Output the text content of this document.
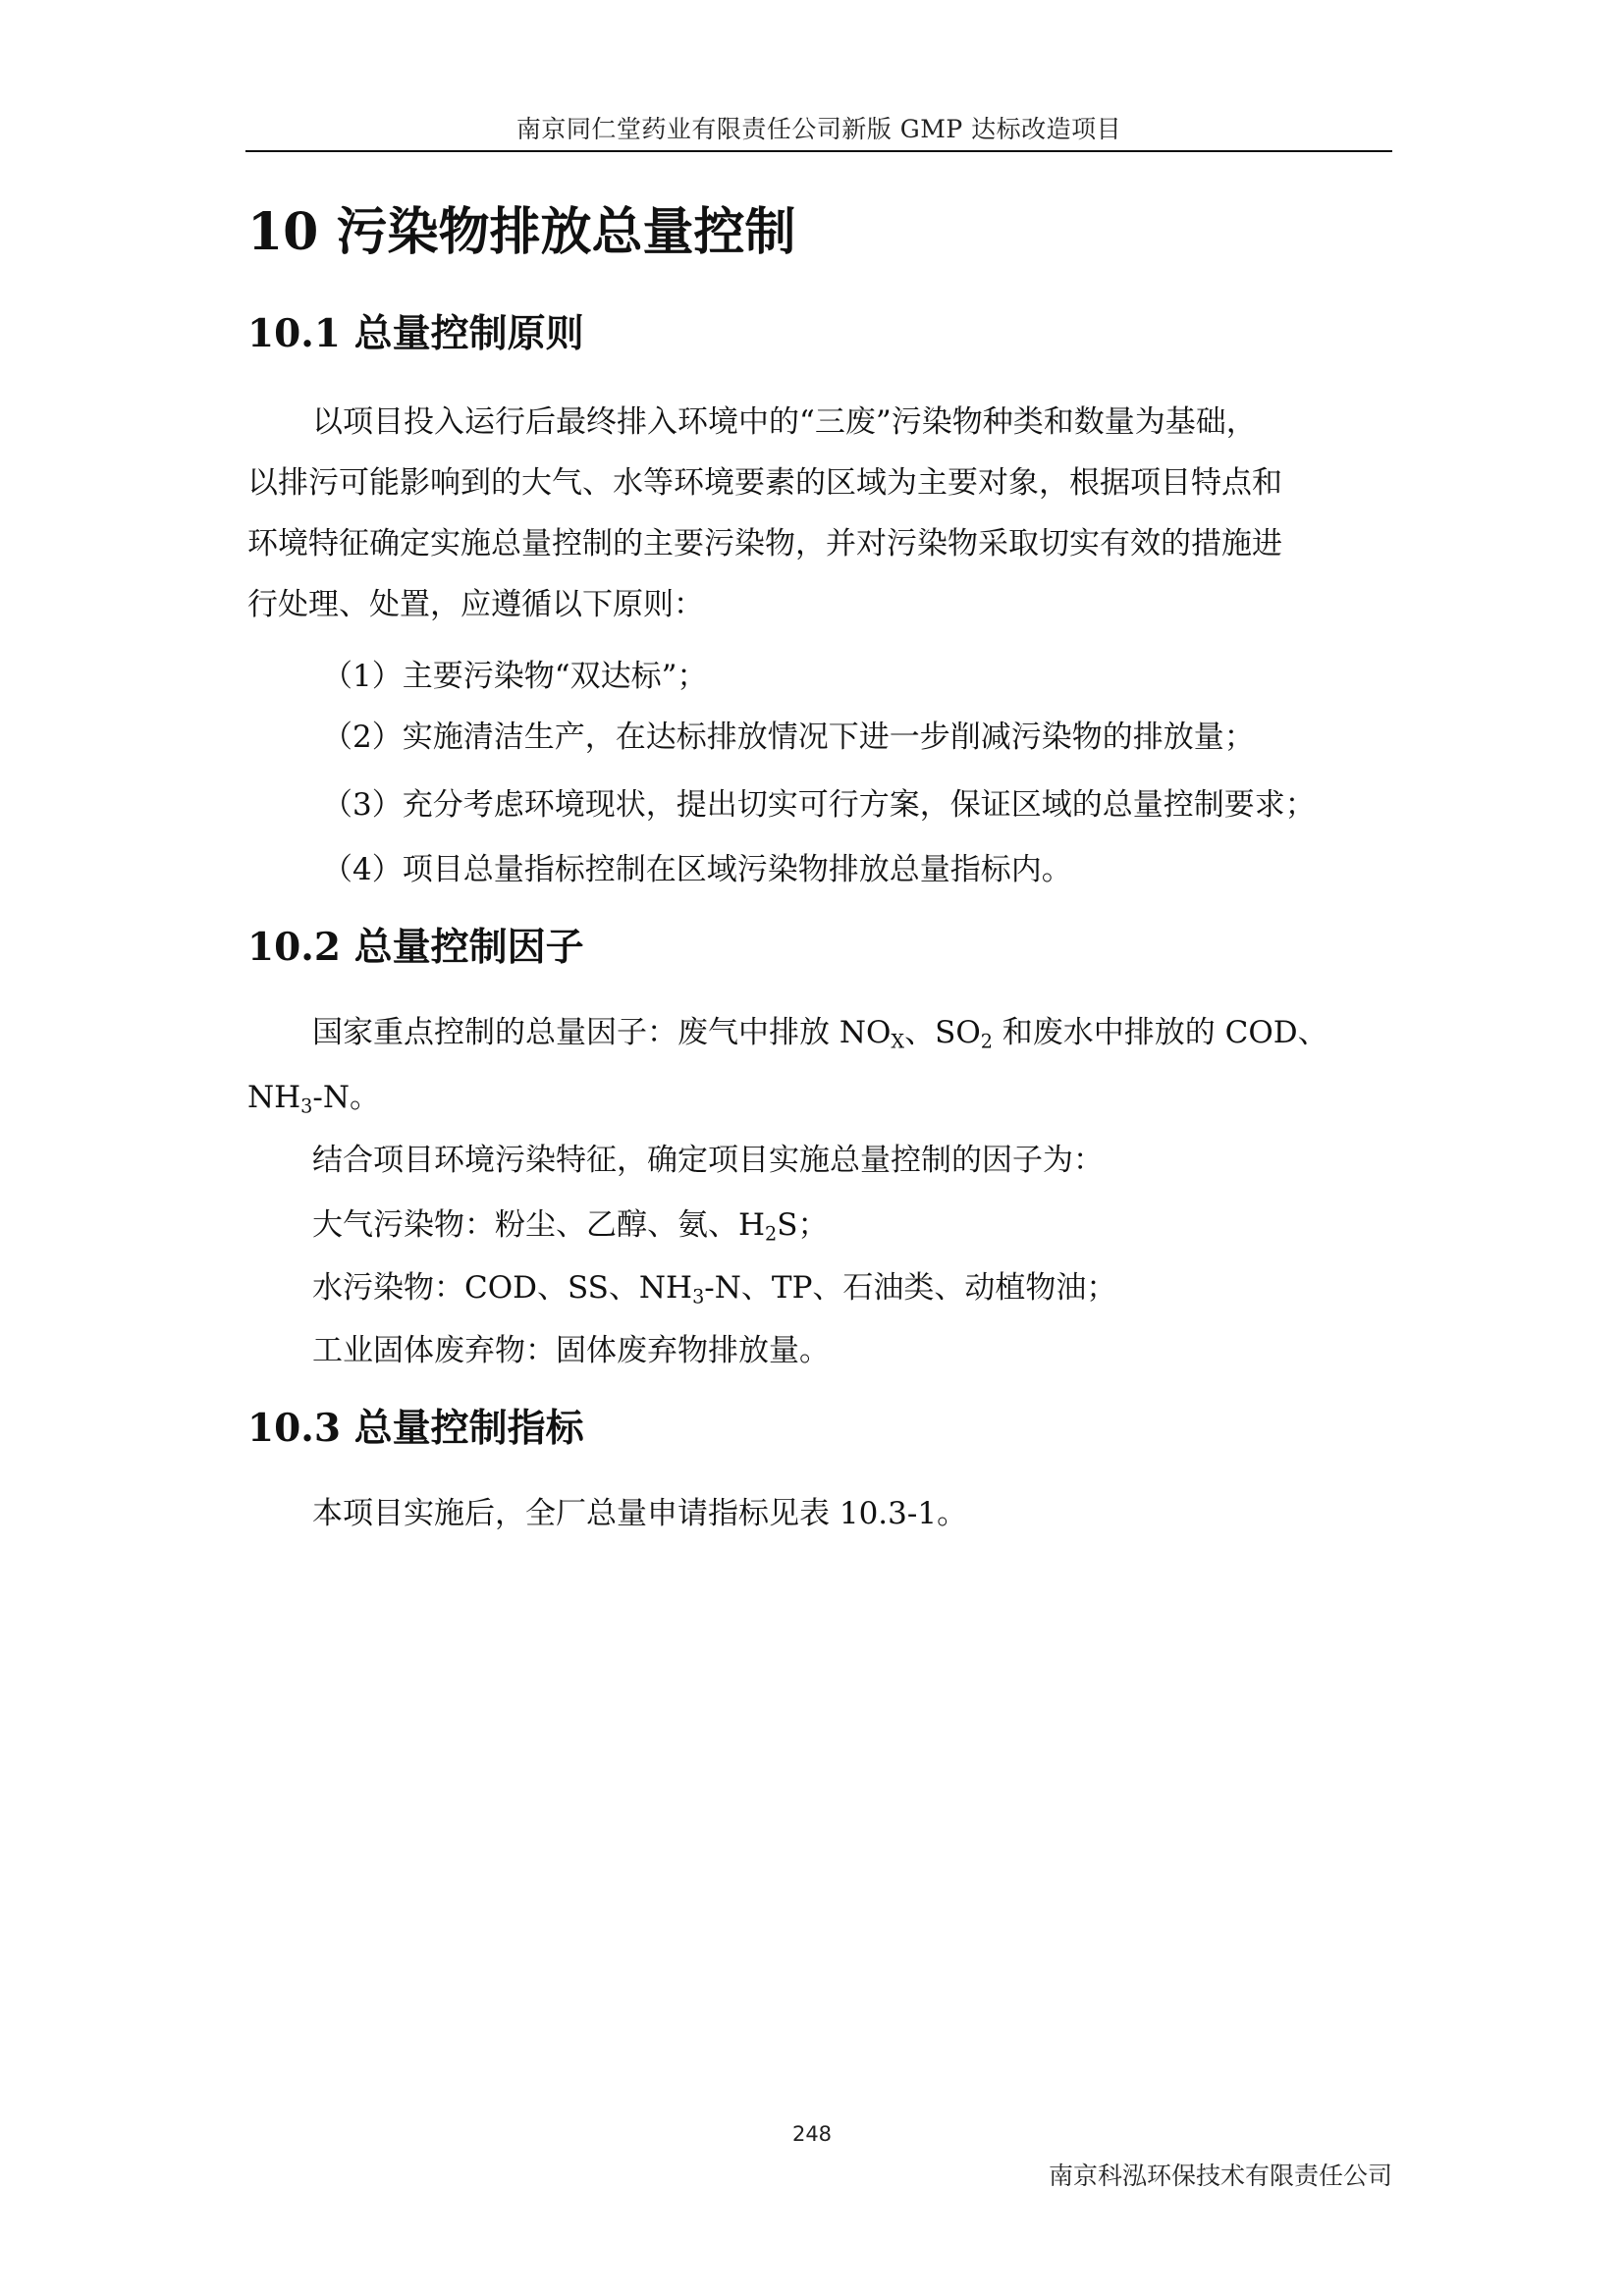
南京同仁堂药业有限责任公司新版 GMP 达标改造项目
10 污染物排放总量控制
10.1 总量控制原则
以项目投入运行后最终排入环境中的“三废”污染物种类和数量为基础，
以排污可能影响到的大气、水等环境要素的区域为主要对象，根据项目特点和
环境特征确定实施总量控制的主要污染物，并对污染物采取切实有效的措施进
行处理、处置，应遵循以下原则：
（1）主要污染物“双达标”；
（2）实施清洁生产，在达标排放情况下进一步削减污染物的排放量；
（3）充分考虑环境现状，提出切实可行方案，保证区域的总量控制要求；
（4）项目总量指标控制在区域污染物排放总量指标内。
10.2 总量控制因子
国家重点控制的总量因子：废气中排放 $NO_X$、$SO_2$ 和废水中排放的 COD、
$NH_3-N$。
结合项目环境污染特征，确定项目实施总量控制的因子为：
大气污染物：粉尘、乙醇、氨、$H_2S$；
水污染物：COD、SS、$NH_3-N$、TP、石油类、动植物油；
工业固体废弃物：固体废弃物排放量。
10.3 总量控制指标
本项目实施后，全厂总量申请指标见表 10.3-1。
248
南京科泓环保技术有限责任公司
